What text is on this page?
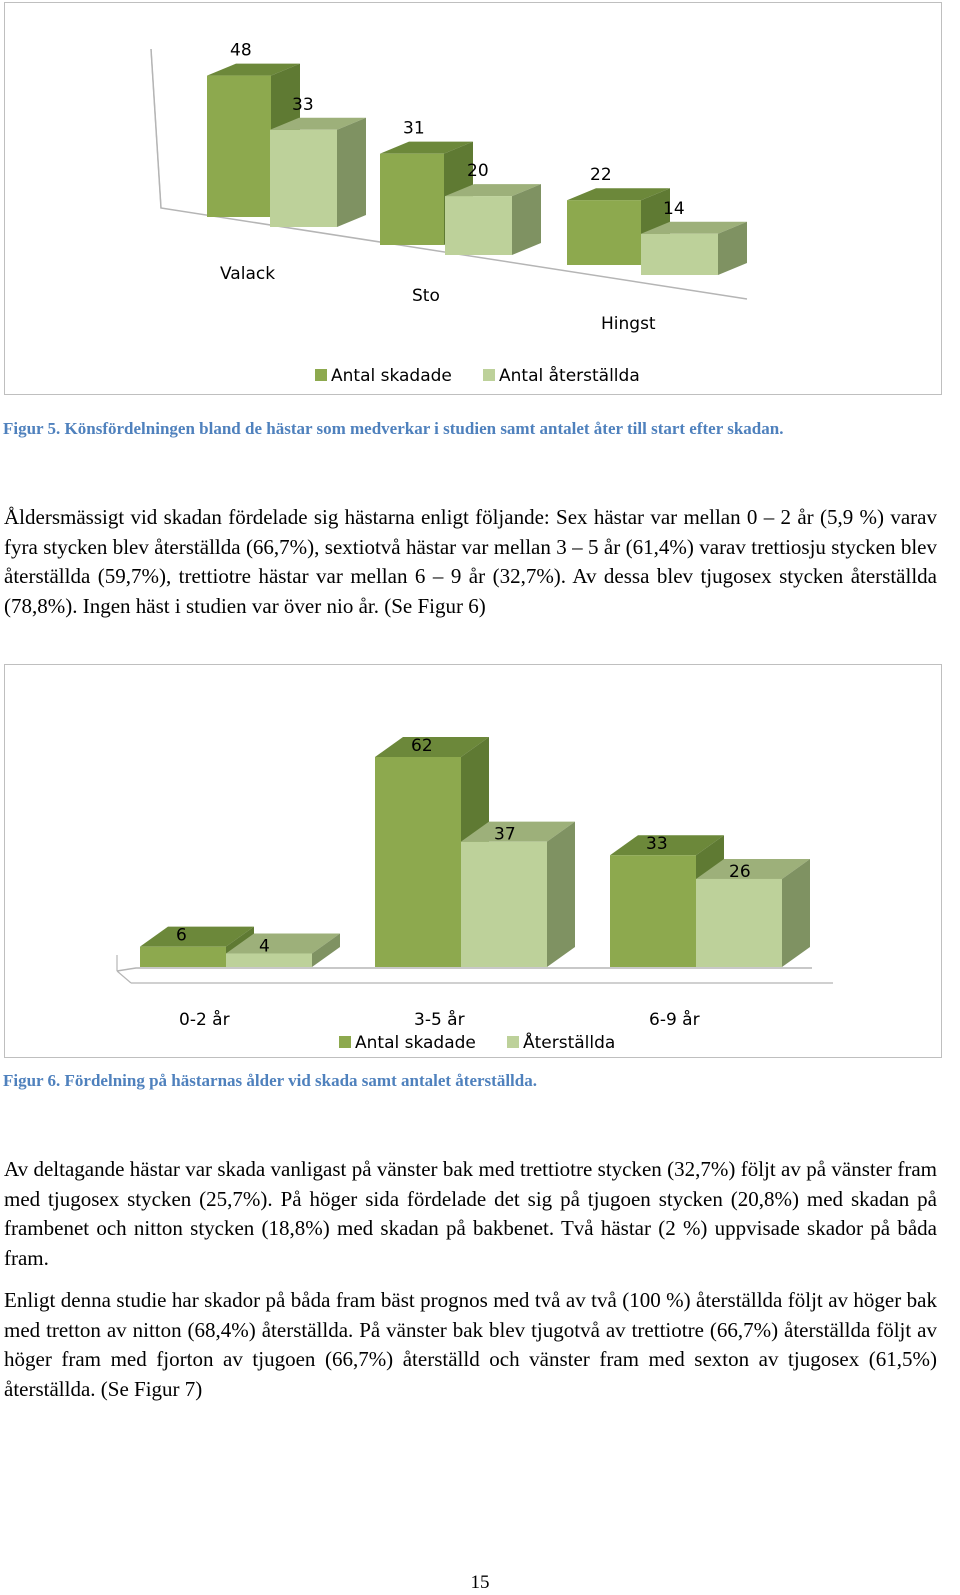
48
33
31
20	22
14
Valack
Sto
Hingst
Antal skadade	Antal återställda

Figur 5. Könsfördelningen bland de hästar som medverkar i studien samt antalet åter till start efter skadan.

Åldersmässigt vid skadan fördelade sig hästarna enligt följande: Sex hästar var mellan 0 – 2 år (5,9 %) varav fyra stycken blev återställda (66,7%), sextiotvå hästar var mellan 3 – 5 år (61,4%) varav trettiosju stycken blev återställda (59,7%), trettiotre hästar var mellan 6 – 9 år (32,7%). Av dessa blev tjugosex stycken återställda (78,8%). Ingen häst i studien var över nio år. (Se Figur 6)

6
4
62
37	33
26
0-2 år	3-5 år	6-9 år
Antal skadade	Återställda

Figur 6. Fördelning på hästarnas ålder vid skada samt antalet återställda.

Av deltagande hästar var skada vanligast på vänster bak med trettiotre stycken (32,7%) följt av på vänster fram med tjugosex stycken (25,7%). På höger sida fördelade det sig på tjugoen stycken (20,8%) med skadan på frambenet och nitton stycken (18,8%) med skadan på bakbenet. Två hästar (2 %) uppvisade skador på båda fram.

Enligt denna studie har skador på båda fram bäst prognos med två av två (100 %) återställda följt av höger bak med tretton av nitton (68,4%) återställda. På vänster bak blev tjugotvå av trettiotre (66,7%) återställda följt av höger fram med fjorton av tjugoen (66,7%) återställd och vänster fram med sexton av tjugosex (61,5%) återställda. (Se Figur 7)

15
